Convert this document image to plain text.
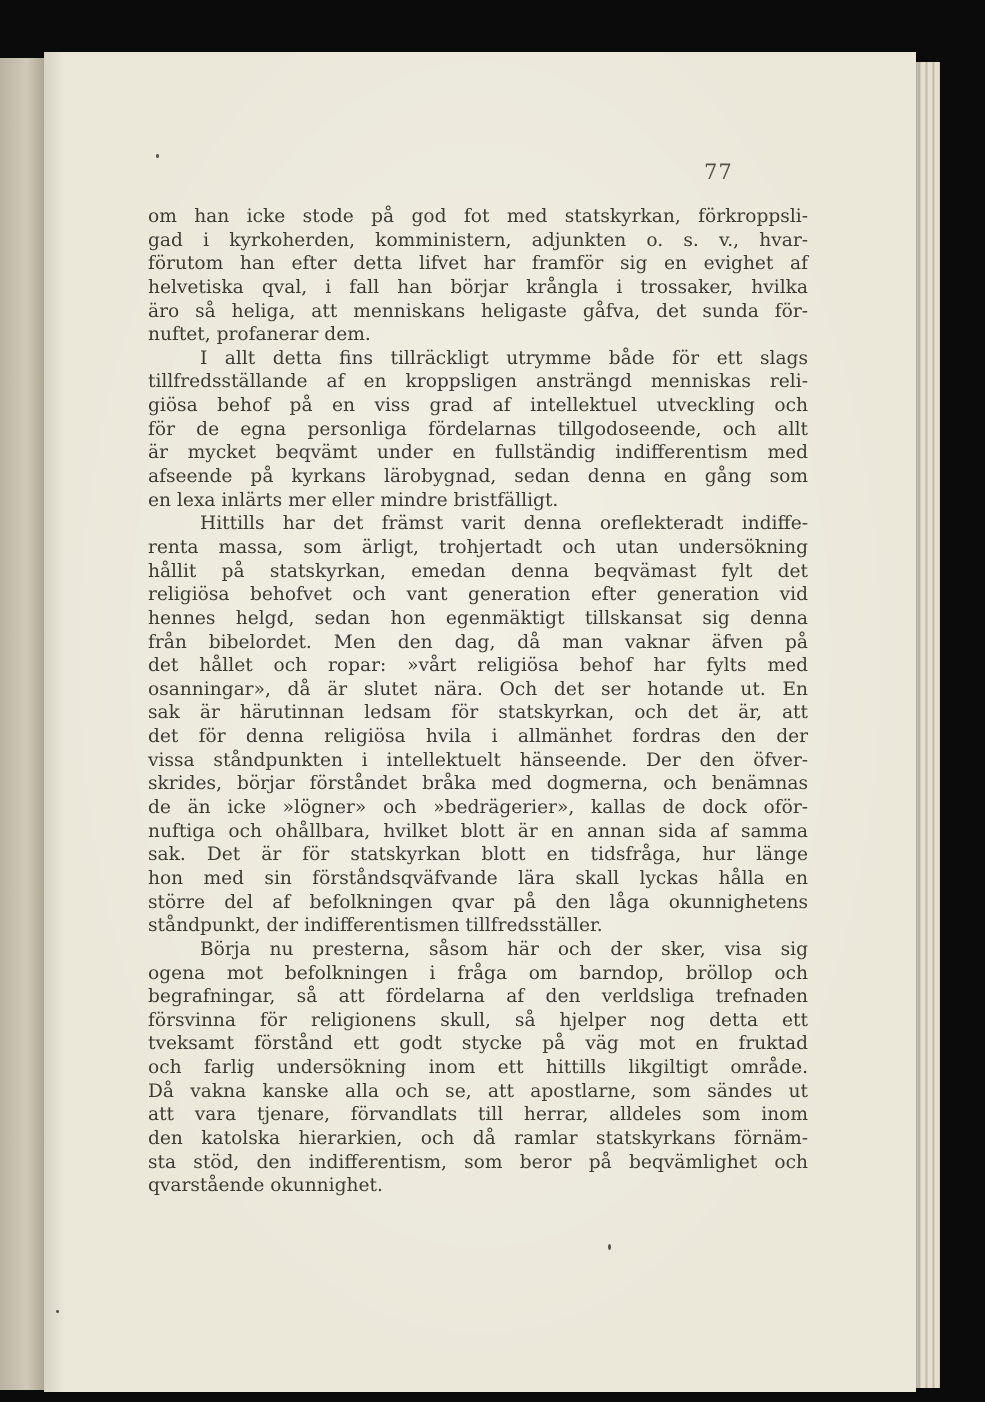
77
om han icke stode på god fot med statskyrkan, förkroppsli-
gad i kyrkoherden, komministern, adjunkten o. s. v., hvar-
förutom han efter detta lifvet har framför sig en evighet af
helvetiska qval, i fall han börjar krångla i trossaker, hvilka
äro så heliga, att menniskans heligaste gåfva, det sunda för-
nuftet, profanerar dem.
I allt detta fins tillräckligt utrymme både för ett slags
tillfredsställande af en kroppsligen ansträngd menniskas reli-
giösa behof på en viss grad af intellektuel utveckling och
för de egna personliga fördelarnas tillgodoseende, och allt
är mycket beqvämt under en fullständig indifferentism med
afseende på kyrkans lärobygnad, sedan denna en gång som
en lexa inlärts mer eller mindre bristfälligt.
Hittills har det främst varit denna oreflekteradt indiffe-
renta massa, som ärligt, trohjertadt och utan undersökning
hållit på statskyrkan, emedan denna beqvämast fylt det
religiösa behofvet och vant generation efter generation vid
hennes helgd, sedan hon egenmäktigt tillskansat sig denna
från bibelordet. Men den dag, då man vaknar äfven på
det hållet och ropar: »vårt religiösa behof har fylts med
osanningar», då är slutet nära. Och det ser hotande ut. En
sak är härutinnan ledsam för statskyrkan, och det är, att
det för denna religiösa hvila i allmänhet fordras den der
vissa ståndpunkten i intellektuelt hänseende. Der den öfver-
skrides, börjar förståndet bråka med dogmerna, och benämnas
de än icke »lögner» och »bedrägerier», kallas de dock oför-
nuftiga och ohållbara, hvilket blott är en annan sida af samma
sak. Det är för statskyrkan blott en tidsfråga, hur länge
hon med sin förståndsqväfvande lära skall lyckas hålla en
större del af befolkningen qvar på den låga okunnighetens
ståndpunkt, der indifferentismen tillfredsställer.
Börja nu presterna, såsom här och der sker, visa sig
ogena mot befolkningen i fråga om barndop, bröllop och
begrafningar, så att fördelarna af den verldsliga trefnaden
försvinna för religionens skull, så hjelper nog detta ett
tveksamt förstånd ett godt stycke på väg mot en fruktad
och farlig undersökning inom ett hittills likgiltigt område.
Då vakna kanske alla och se, att apostlarne, som sändes ut
att vara tjenare, förvandlats till herrar, alldeles som inom
den katolska hierarkien, och då ramlar statskyrkans förnäm-
sta stöd, den indifferentism, som beror på beqvämlighet och
qvarstående okunnighet.
